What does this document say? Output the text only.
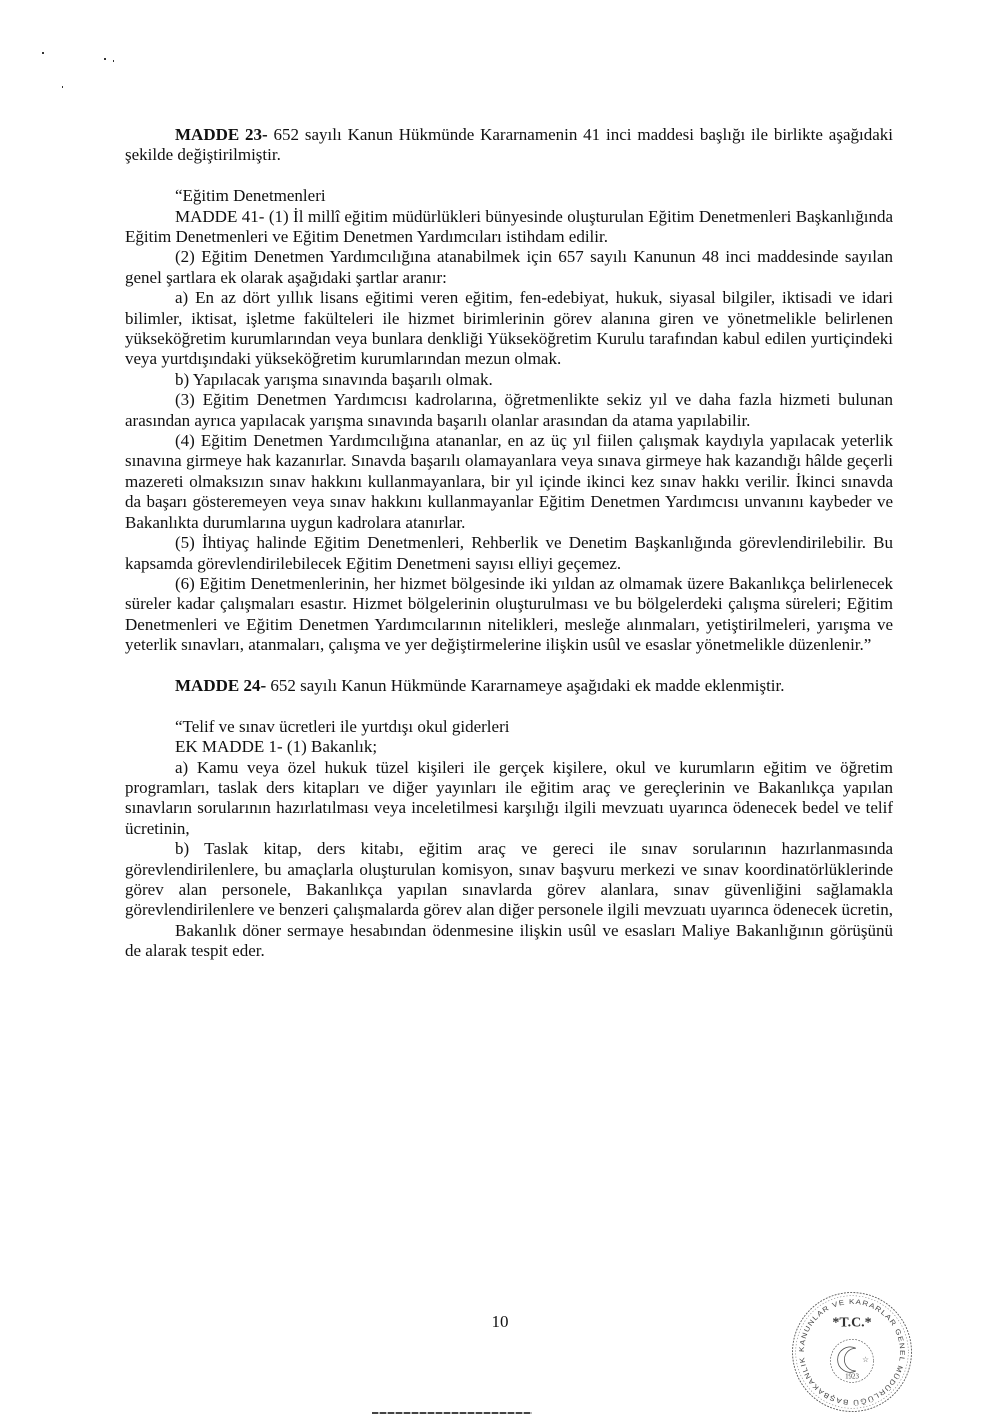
MADDE 23- 652 sayılı Kanun Hükmünde Kararnamenin 41 inci maddesi başlığı ile birlikte aşağıdaki şekilde değiştirilmiştir.

“Eğitim Denetmenleri

MADDE 41- (1) İl millî eğitim müdürlükleri bünyesinde oluşturulan Eğitim Denetmenleri Başkanlığında Eğitim Denetmenleri ve Eğitim Denetmen Yardımcıları istihdam edilir.

(2) Eğitim Denetmen Yardımcılığına atanabilmek için 657 sayılı Kanunun 48 inci maddesinde sayılan genel şartlara ek olarak aşağıdaki şartlar aranır:

a) En az dört yıllık lisans eğitimi veren eğitim, fen-edebiyat, hukuk, siyasal bilgiler, iktisadi ve idari bilimler, iktisat, işletme fakülteleri ile hizmet birimlerinin görev alanına giren ve yönetmelikle belirlenen yükseköğretim kurumlarından veya bunlara denkliği Yükseköğretim Kurulu tarafından kabul edilen yurtiçindeki veya yurtdışındaki yükseköğretim kurumlarından mezun olmak.

b) Yapılacak yarışma sınavında başarılı olmak.

(3) Eğitim Denetmen Yardımcısı kadrolarına, öğretmenlikte sekiz yıl ve daha fazla hizmeti bulunan arasından ayrıca yapılacak yarışma sınavında başarılı olanlar arasından da atama yapılabilir.

(4) Eğitim Denetmen Yardımcılığına atananlar, en az üç yıl fiilen çalışmak kaydıyla yapılacak yeterlik sınavına girmeye hak kazanırlar. Sınavda başarılı olamayanlara veya sınava girmeye hak kazandığı hâlde geçerli mazereti olmaksızın sınav hakkını kullanmayanlara, bir yıl içinde ikinci kez sınav hakkı verilir. İkinci sınavda da başarı gösteremeyen veya sınav hakkını kullanmayanlar Eğitim Denetmen Yardımcısı unvanını kaybeder ve Bakanlıkta durumlarına uygun kadrolara atanırlar.

(5) İhtiyaç halinde Eğitim Denetmenleri, Rehberlik ve Denetim Başkanlığında görevlendirilebilir. Bu kapsamda görevlendirilebilecek Eğitim Denetmeni sayısı elliyi geçemez.

(6) Eğitim Denetmenlerinin, her hizmet bölgesinde iki yıldan az olmamak üzere Bakanlıkça belirlenecek süreler kadar çalışmaları esastır. Hizmet bölgelerinin oluşturulması ve bu bölgelerdeki çalışma süreleri; Eğitim Denetmenleri ve Eğitim Denetmen Yardımcılarının nitelikleri, mesleğe alınmaları, yetiştirilmeleri, yarışma ve yeterlik sınavları, atanmaları, çalışma ve yer değiştirmelerine ilişkin usûl ve esaslar yönetmelikle düzenlenir.”

MADDE 24- 652 sayılı Kanun Hükmünde Kararnameye aşağıdaki ek madde eklenmiştir.

“Telif ve sınav ücretleri ile yurtdışı okul giderleri

EK MADDE 1- (1) Bakanlık;

a) Kamu veya özel hukuk tüzel kişileri ile gerçek kişilere, okul ve kurumların eğitim ve öğretim programları, taslak ders kitapları ve diğer yayınları ile eğitim araç ve gereçlerinin ve Bakanlıkça yapılan sınavların sorularının hazırlatılması veya inceletilmesi karşılığı ilgili mevzuatı uyarınca ödenecek bedel ve telif ücretinin,

b) Taslak kitap, ders kitabı, eğitim araç ve gereci ile sınav sorularının hazırlanmasında görevlendirilenlere, bu amaçlarla oluşturulan komisyon, sınav başvuru merkezi ve sınav koordinatörlüklerinde görev alan personele, Bakanlıkça yapılan sınavlarda görev alanlara, sınav güvenliğini sağlamakla görevlendirilenlere ve benzeri çalışmalarda görev alan diğer personele ilgili mevzuatı uyarınca ödenecek ücretin,

Bakanlık döner sermaye hesabından ödenmesine ilişkin usûl ve esasları Maliye Bakanlığının görüşünü de alarak tespit eder.

10
KANUNLAR VE KARARLAR GENEL MÜDÜRLÜĞÜ BAŞBAKANLIK
*T.C.*
☆
1923
